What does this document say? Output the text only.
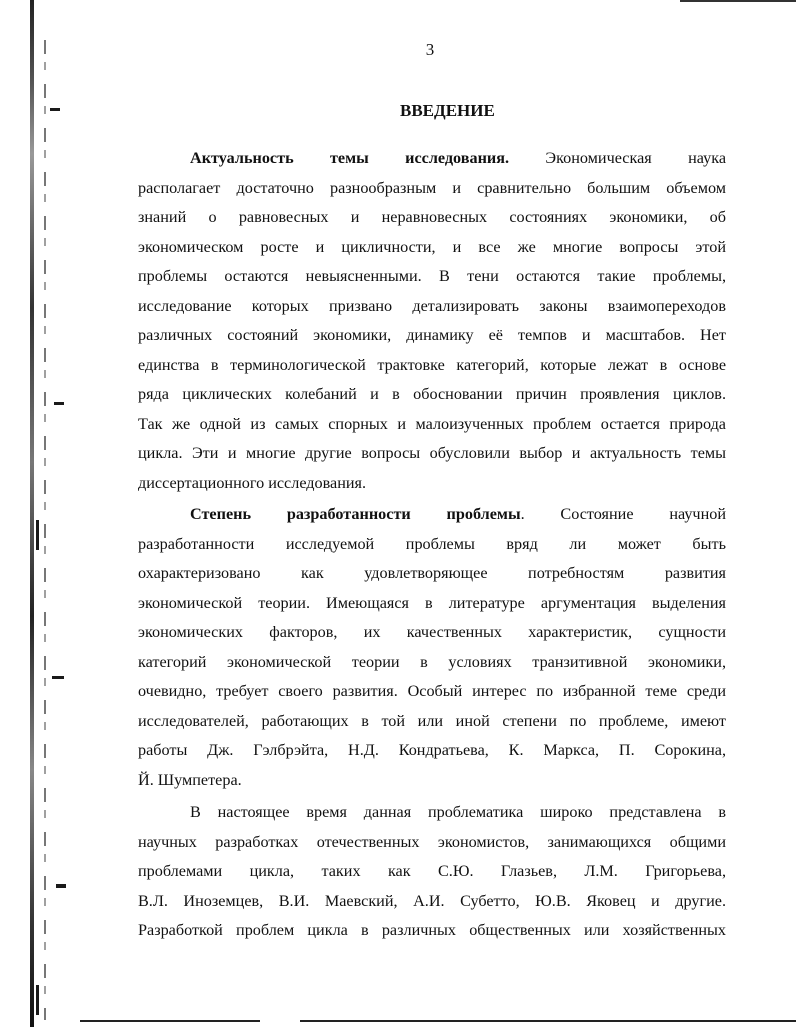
3
ВВЕДЕНИЕ
Актуальность темы исследования. Экономическая наука
располагает достаточно разнообразным и сравнительно большим объемом
знаний о равновесных и неравновесных состояниях экономики, об
экономическом росте и цикличности, и все же многие вопросы этой
проблемы остаются невыясненными. В тени остаются такие проблемы,
исследование которых призвано детализировать законы взаимопереходов
различных состояний экономики, динамику её темпов и масштабов. Нет
единства в терминологической трактовке категорий, которые лежат в основе
ряда циклических колебаний и в обосновании причин проявления циклов.
Так же одной из самых спорных и малоизученных проблем остается природа
цикла. Эти и многие другие вопросы обусловили выбор и актуальность темы
диссертационного исследования.
Степень разработанности проблемы. Состояние научной
разработанности исследуемой проблемы вряд ли может быть
охарактеризовано как удовлетворяющее потребностям развития
экономической теории. Имеющаяся в литературе аргументация выделения
экономических факторов, их качественных характеристик, сущности
категорий экономической теории в условиях транзитивной экономики,
очевидно, требует своего развития. Особый интерес по избранной теме среди
исследователей, работающих в той или иной степени по проблеме, имеют
работы Дж. Гэлбрэйта, Н.Д. Кондратьева, К. Маркса, П. Сорокина,
Й. Шумпетера.
В настоящее время данная проблематика широко представлена в
научных разработках отечественных экономистов, занимающихся общими
проблемами цикла, таких как С.Ю. Глазьев, Л.М. Григорьева,
В.Л. Иноземцев, В.И. Маевский, А.И. Субетто, Ю.В. Яковец и другие.
Разработкой проблем цикла в различных общественных или хозяйственных
